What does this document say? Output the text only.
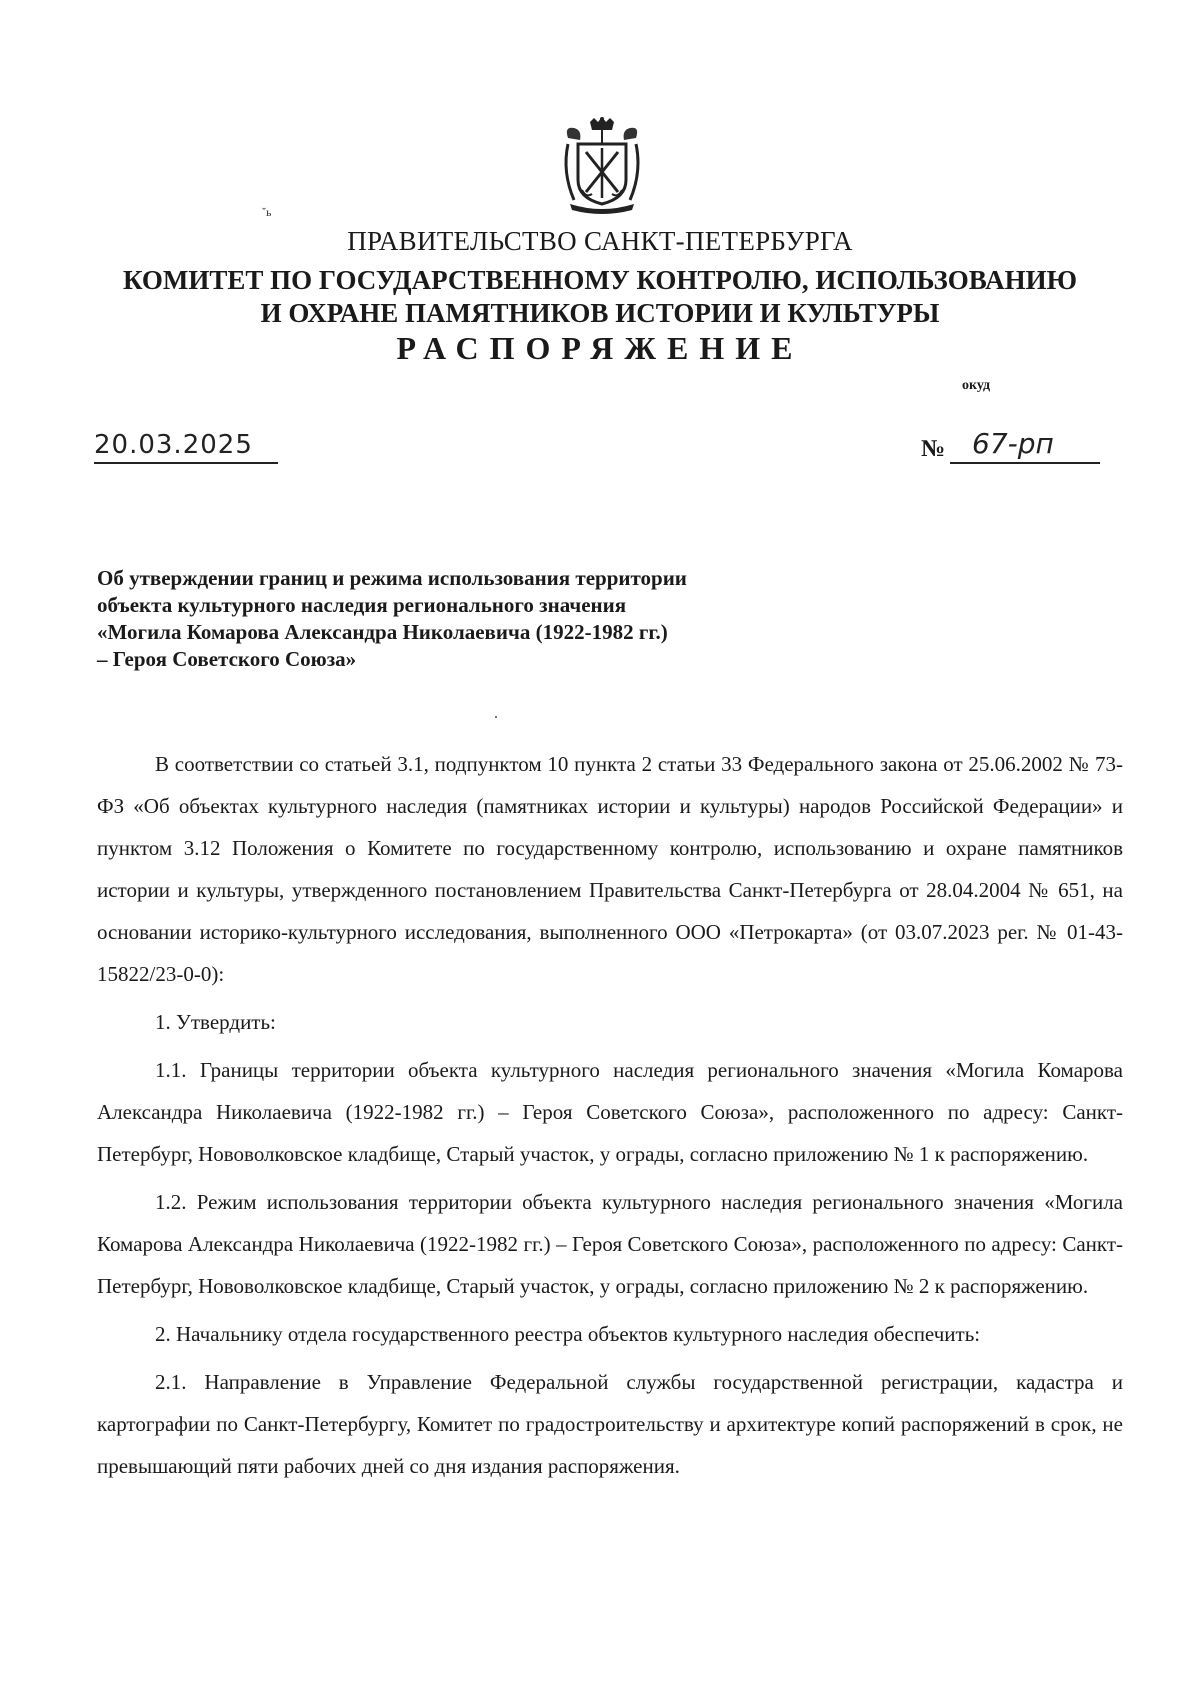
ˇь
ПРАВИТЕЛЬСТВО САНКТ-ПЕТЕРБУРГА
КОМИТЕТ ПО ГОСУДАРСТВЕННОМУ КОНТРОЛЮ, ИСПОЛЬЗОВАНИЮ
И ОХРАНЕ ПАМЯТНИКОВ ИСТОРИИ И КУЛЬТУРЫ
РАСПОРЯЖЕНИЕ
окуд
20.03.2025	№ 67-рп
Об утверждении границ и режима использования территории
объекта культурного наследия регионального значения
«Могила Комарова Александра Николаевича (1922-1982 гг.)
– Героя Советского Союза»

В соответствии со статьей 3.1, подпунктом 10 пункта 2 статьи 33 Федерального закона от 25.06.2002 № 73-ФЗ «Об объектах культурного наследия (памятниках истории и культуры) народов Российской Федерации» и пунктом 3.12 Положения о Комитете по государственному контролю, использованию и охране памятников истории и культуры, утвержденного постановлением Правительства Санкт-Петербурга от 28.04.2004 № 651, на основании историко-культурного исследования, выполненного ООО «Петрокарта» (от 03.07.2023 рег. № 01-43-15822/23-0-0):

1. Утвердить:

1.1. Границы территории объекта культурного наследия регионального значения «Могила Комарова Александра Николаевича (1922-1982 гг.) – Героя Советского Союза», расположенного по адресу: Санкт-Петербург, Нововолковское кладбище, Старый участок, у ограды, согласно приложению № 1 к распоряжению.

1.2. Режим использования территории объекта культурного наследия регионального значения «Могила Комарова Александра Николаевича (1922-1982 гг.) – Героя Советского Союза», расположенного по адресу: Санкт-Петербург, Нововолковское кладбище, Старый участок, у ограды, согласно приложению № 2 к распоряжению.

2. Начальнику отдела государственного реестра объектов культурного наследия обеспечить:

2.1. Направление в Управление Федеральной службы государственной регистрации, кадастра и картографии по Санкт-Петербургу, Комитет по градостроительству и архитектуре копий распоряжений в срок, не превышающий пяти рабочих дней со дня издания распоряжения.
